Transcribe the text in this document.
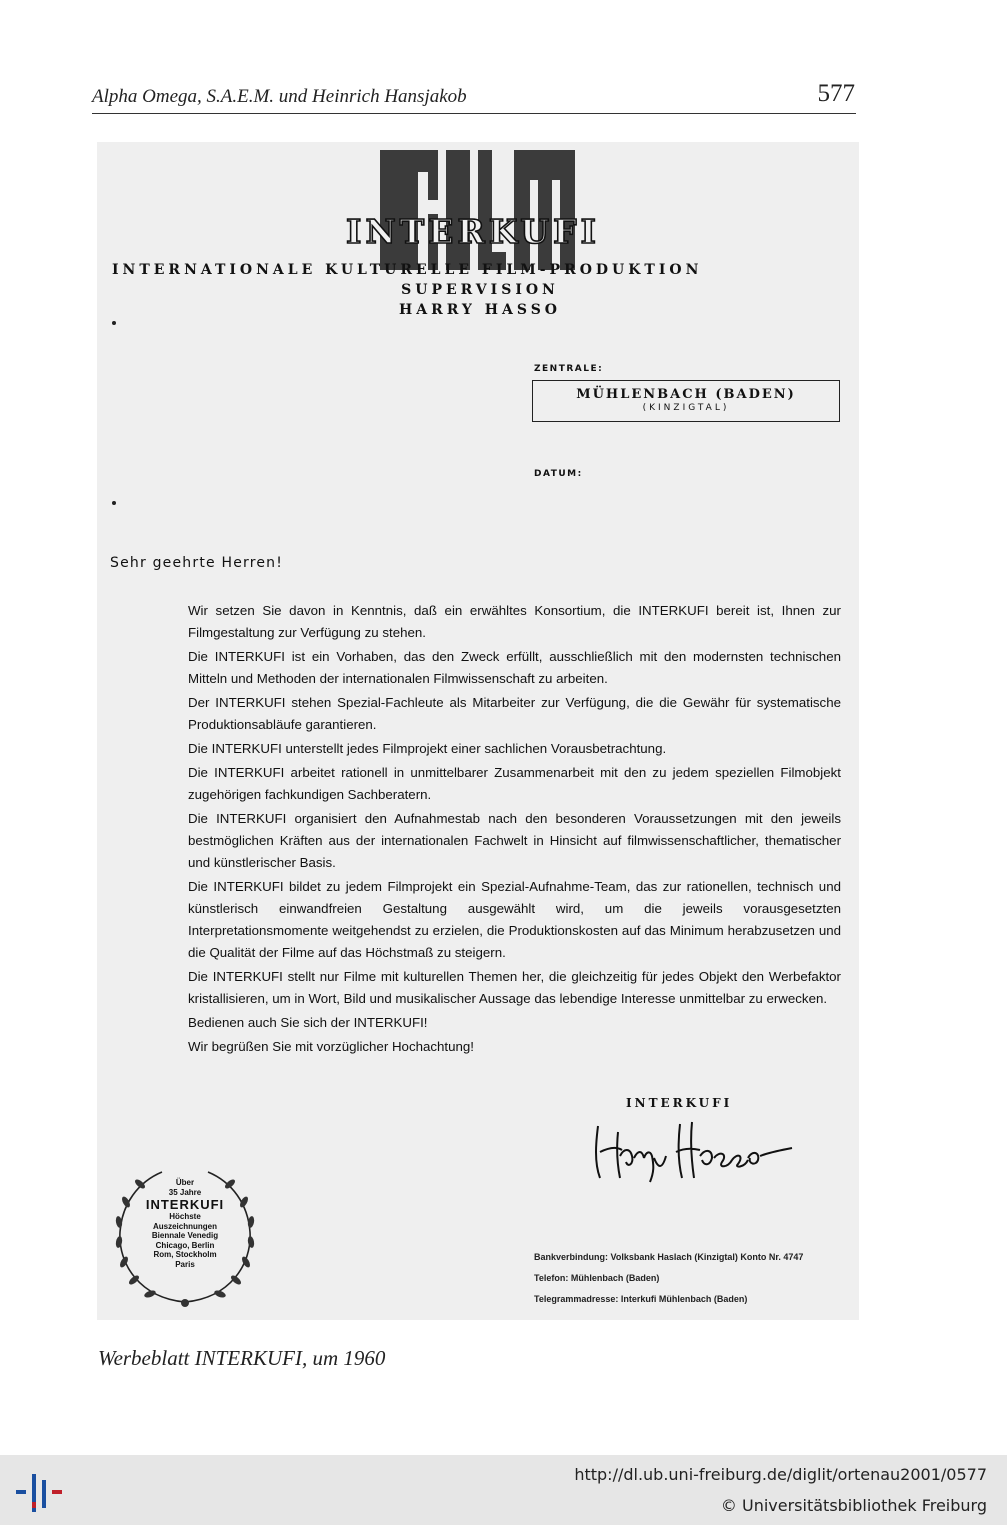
Alpha Omega, S.A.E.M. und Heinrich Hansjakob	577
INTERKUFI
INTERNATIONALE KULTURELLE FILM-PRODUKTION
SUPERVISION
HARRY HASSO
ZENTRALE:
MÜHLENBACH (BADEN)
(KINZIGTAL)
DATUM:
Sehr geehrte Herren!

Wir setzen Sie davon in Kenntnis, daß ein erwähltes Konsortium, die INTERKUFI bereit ist, Ihnen zur Filmgestaltung zur Verfügung zu stehen.

Die INTERKUFI ist ein Vorhaben, das den Zweck erfüllt, ausschließlich mit den modernsten technischen Mitteln und Methoden der internationalen Filmwissenschaft zu arbeiten.

Der INTERKUFI stehen Spezial-Fachleute als Mitarbeiter zur Verfügung, die die Gewähr für systematische Produktionsabläufe garantieren.

Die INTERKUFI unterstellt jedes Filmprojekt einer sachlichen Vorausbetrachtung.

Die INTERKUFI arbeitet rationell in unmittelbarer Zusammenarbeit mit den zu jedem speziellen Filmobjekt zugehörigen fachkundigen Sachberatern.

Die INTERKUFI organisiert den Aufnahmestab nach den besonderen Voraussetzungen mit den jeweils bestmöglichen Kräften aus der internationalen Fachwelt in Hinsicht auf filmwissenschaftlicher, thematischer und künstlerischer Basis.

Die INTERKUFI bildet zu jedem Filmprojekt ein Spezial-Aufnahme-Team, das zur rationellen, technisch und künstlerisch einwandfreien Gestaltung ausgewählt wird, um die jeweils vorausgesetzten Interpretationsmomente weitgehendst zu erzielen, die Produktionskosten auf das Minimum herabzusetzen und die Qualität der Filme auf das Höchstmaß zu steigern.

Die INTERKUFI stellt nur Filme mit kulturellen Themen her, die gleichzeitig für jedes Objekt den Werbefaktor kristallisieren, um in Wort, Bild und musikalischer Aussage das lebendige Interesse unmittelbar zu erwecken.

Bedienen auch Sie sich der INTERKUFI!

Wir begrüßen Sie mit vorzüglicher Hochachtung!

INTERKUFI
Über
35 Jahre
INTERKUFI
Höchste
Auszeichnungen
Biennale Venedig
Chicago, Berlin
Rom, Stockholm
Paris
Bankverbindung: Volksbank Haslach (Kinzigtal) Konto Nr. 4747
Telefon: Mühlenbach (Baden)
Telegrammadresse: Interkufi Mühlenbach (Baden)
Werbeblatt INTERKUFI, um 1960
http://dl.ub.uni-freiburg.de/diglit/ortenau2001/0577
© Universitätsbibliothek Freiburg
